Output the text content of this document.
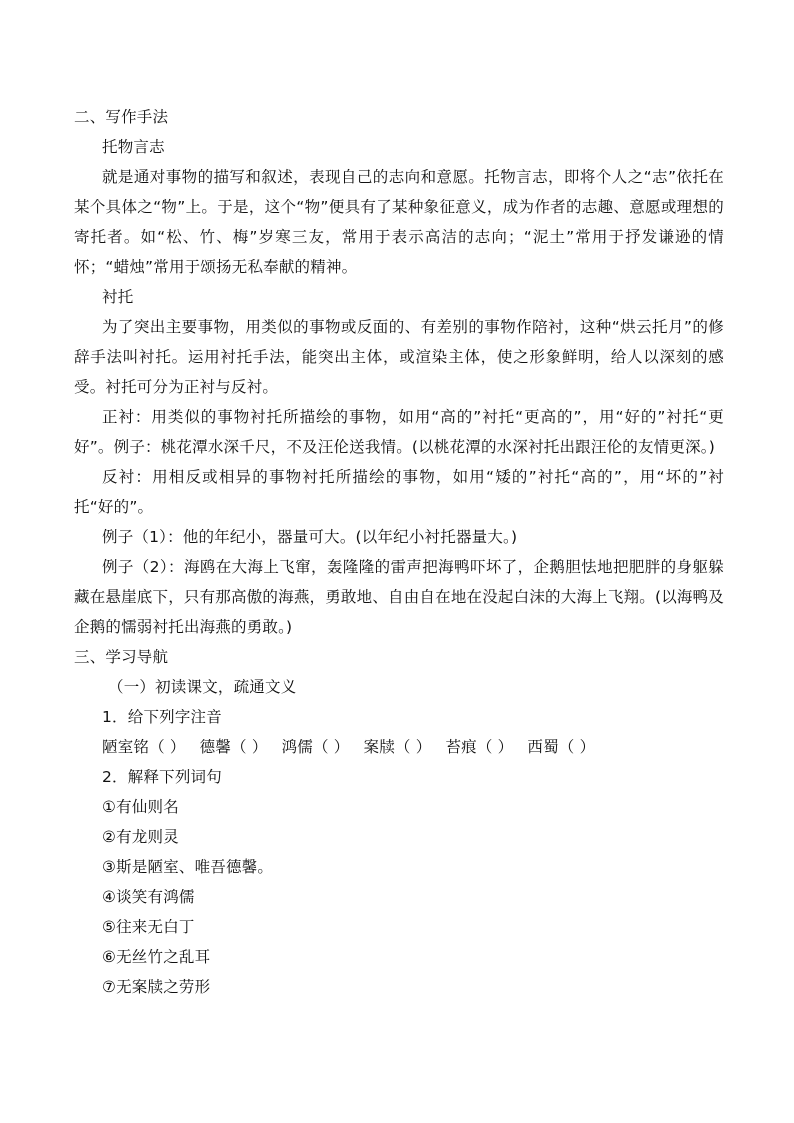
二、写作手法
托物言志
就是通对事物的描写和叙述，表现自己的志向和意愿。托物言志，即将个人之“志”依托在某个具体之“物”上。于是，这个“物”便具有了某种象征意义，成为作者的志趣、意愿或理想的寄托者。如“松、竹、梅”岁寒三友，常用于表示高洁的志向；“泥土”常用于抒发谦逊的情怀；“蜡烛”常用于颂扬无私奉献的精神。
衬托
为了突出主要事物，用类似的事物或反面的、有差别的事物作陪衬，这种“烘云托月”的修辞手法叫衬托。运用衬托手法，能突出主体，或渲染主体，使之形象鲜明，给人以深刻的感受。衬托可分为正衬与反衬。
正衬：用类似的事物衬托所描绘的事物，如用“高的”衬托“更高的”，用“好的”衬托“更好”。例子：桃花潭水深千尺，不及汪伦送我情。(以桃花潭的水深衬托出跟汪伦的友情更深。)
反衬：用相反或相异的事物衬托所描绘的事物，如用“矮的”衬托“高的”，用“坏的”衬托“好的”。
例子（1）：他的年纪小，器量可大。(以年纪小衬托器量大。)
例子（2）：海鸥在大海上飞窜，轰隆隆的雷声把海鸭吓坏了，企鹅胆怯地把肥胖的身躯躲藏在悬崖底下，只有那高傲的海燕，勇敢地、自由自在地在没起白沫的大海上飞翔。(以海鸭及企鹅的懦弱衬托出海燕的勇敢。)
三、学习导航
（一）初读课文，疏通文义
1．给下列字注音
陋室铭（ ） 德馨（ ） 鸿儒（ ） 案牍（ ） 苔痕（ ） 西蜀（ ）
2．解释下列词句
①有仙则名
②有龙则灵
③斯是陋室、唯吾德馨。
④谈笑有鸿儒
⑤往来无白丁
⑥无丝竹之乱耳
⑦无案牍之劳形
